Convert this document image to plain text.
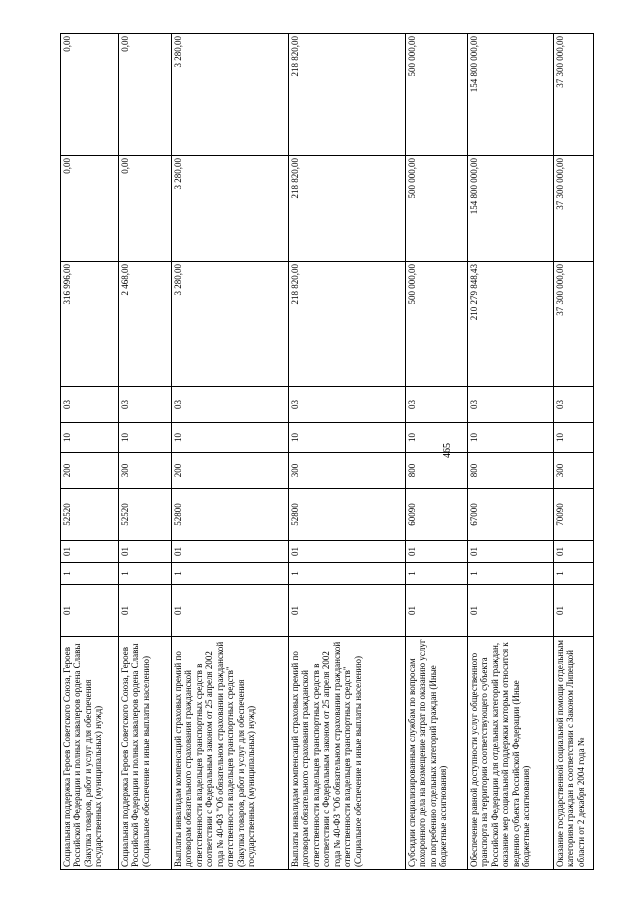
465
Социальная поддержка Героев Советского Союза, Героев Российской Федерации и полных кавалеров ордена Славы (Закупка товаров, работ и услуг для обеспечения государственных (муниципальных) нужд)	01	1	01	52520	200	10	03	316 996,00	0,00	0,00
Социальная поддержка Героев Советского Союза, Героев Российской Федерации и полных кавалеров ордена Славы (Социальное обеспечение и иные выплаты населению)	01	1	01	52520	300	10	03	2 468,00	0,00	0,00
Выплаты инвалидам компенсаций страховых премий по договорам обязательного страхования гражданской ответственности владельцев транспортных средств в соответствии с Федеральным законом от 25 апреля 2002 года № 40-ФЗ "Об обязательном страховании гражданской ответственности владельцев транспортных средств" (Закупка товаров, работ и услуг для обеспечения государственных (муниципальных) нужд)	01	1	01	52800	200	10	03	3 280,00	3 280,00	3 280,00
Выплаты инвалидам компенсаций страховых премий по договорам обязательного страхования гражданской ответственности владельцев транспортных средств в соответствии с Федеральным законом от 25 апреля 2002 года № 40-ФЗ "Об обязательном страховании гражданской ответственности владельцев транспортных средств" (Социальное обеспечение и иные выплаты населению)	01	1	01	52800	300	10	03	218 820,00	218 820,00	218 820,00
Субсидии специализированным службам по вопросам похоронного дела на возмещение затрат по оказанию услуг по погребению отдельных категорий граждан (Иные бюджетные ассигнования)	01	1	01	60090	800	10	03	500 000,00	500 000,00	500 000,00
Обеспечение равной доступности услуг общественного транспорта на территории соответствующего субъекта Российской Федерации для отдельных категорий граждан, оказание мер социальной поддержки которым относится к ведению субъекта Российской Федерации (Иные бюджетные ассигнования)	01	1	01	67000	800	10	03	210 279 848,43	154 800 000,00	154 800 000,00
Оказание государственной социальной помощи отдельным категориям граждан в соответствии с Законом Липецкой области от 2 декабря 2004 года №	01	1	01	70090	300	10	03	37 300 000,00	37 300 000,00	37 300 000,00
